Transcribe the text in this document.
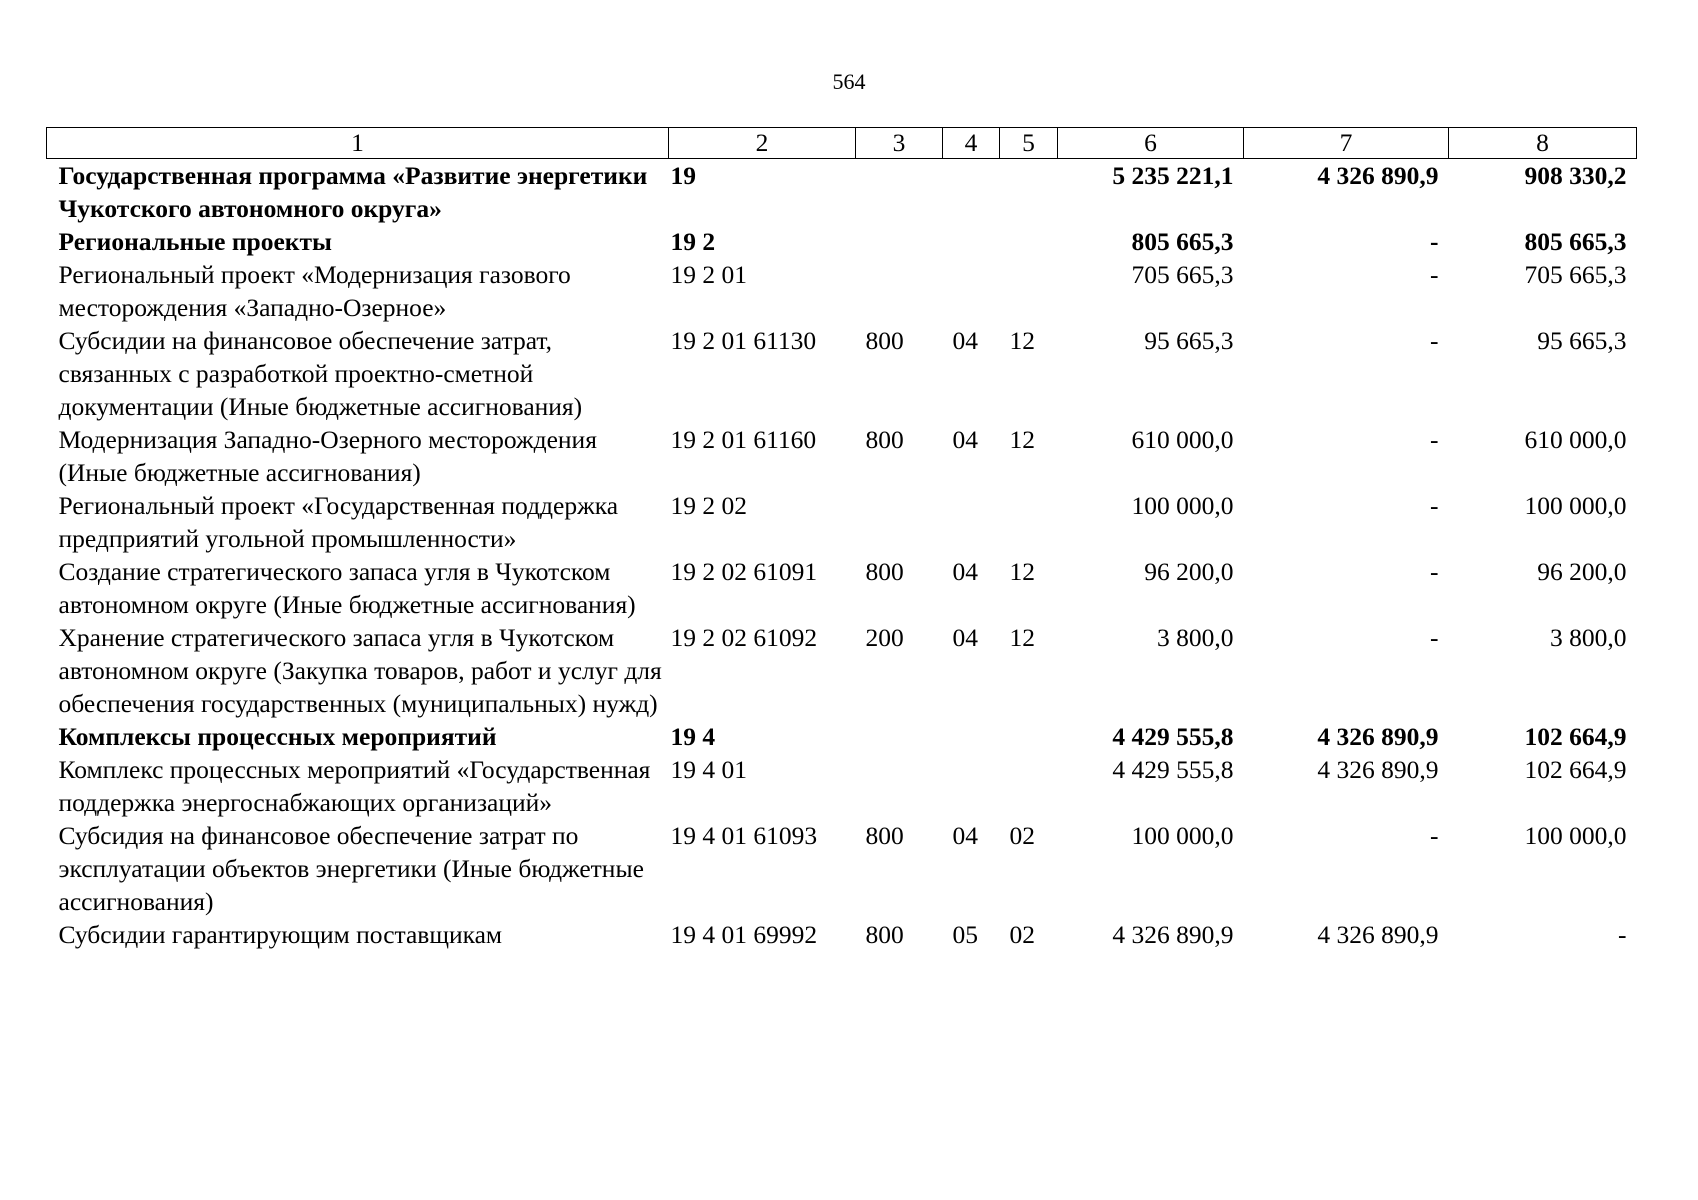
564
1	2	3	4	5	6	7	8
Государственная программа «Развитие энергетики Чукотского автономного округа»	19				5 235 221,1	4 326 890,9	908 330,2
Региональные проекты	19 2				805 665,3	-	805 665,3
Региональный проект «Модернизация газового месторождения «Западно-Озерное»	19 2 01				705 665,3	-	705 665,3
Субсидии на финансовое обеспечение затрат, связанных с разработкой проектно-сметной документации (Иные бюджетные ассигнования)	19 2 01 61130	800	04	12	95 665,3	-	95 665,3
Модернизация Западно-Озерного месторождения (Иные бюджетные ассигнования)	19 2 01 61160	800	04	12	610 000,0	-	610 000,0
Региональный проект «Государственная поддержка предприятий угольной промышленности»	19 2 02				100 000,0	-	100 000,0
Создание стратегического запаса угля в Чукотском автономном округе (Иные бюджетные ассигнования)	19 2 02 61091	800	04	12	96 200,0	-	96 200,0
Хранение стратегического запаса угля в Чукотском автономном округе (Закупка товаров, работ и услуг для обеспечения государственных (муниципальных) нужд)	19 2 02 61092	200	04	12	3 800,0	-	3 800,0
Комплексы процессных мероприятий	19 4				4 429 555,8	4 326 890,9	102 664,9
Комплекс процессных мероприятий «Государственная поддержка энергоснабжающих организаций»	19 4 01				4 429 555,8	4 326 890,9	102 664,9
Субсидия на финансовое обеспечение затрат по эксплуатации объектов энергетики (Иные бюджетные ассигнования)	19 4 01 61093	800	04	02	100 000,0	-	100 000,0
Субсидии гарантирующим поставщикам	19 4 01 69992	800	05	02	4 326 890,9	4 326 890,9	-
